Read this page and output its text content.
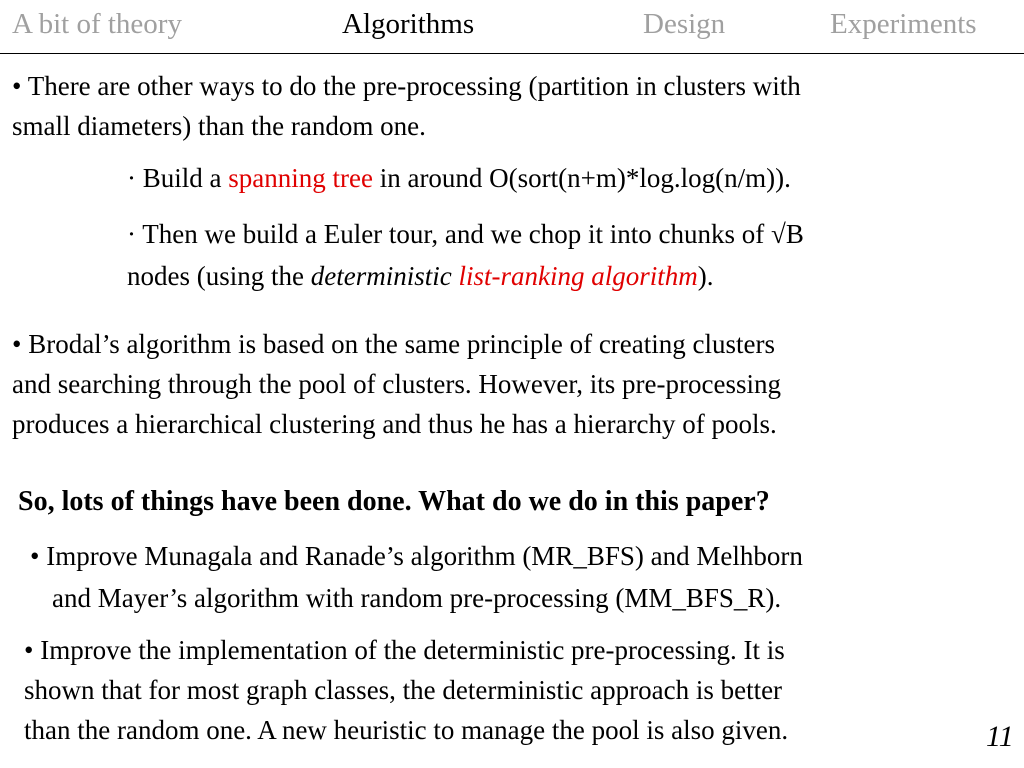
A bit of theory	Algorithms	Design	Experiments
• There are other ways to do the pre-processing (partition in clusters with
small diameters) than the random one.
· Build a spanning tree in around O(sort(n+m)*log.log(n/m)).
· Then we build a Euler tour, and we chop it into chunks of √B
nodes (using the deterministic list-ranking algorithm).
• Brodal’s algorithm is based on the same principle of creating clusters
and searching through the pool of clusters. However, its pre-processing
produces a hierarchical clustering and thus he has a hierarchy of pools.
So, lots of things have been done. What do we do in this paper?
• Improve Munagala and Ranade’s algorithm (MR_BFS) and Melhborn
and Mayer’s algorithm with random pre-processing (MM_BFS_R).
• Improve the implementation of the deterministic pre-processing. It is
shown that for most graph classes, the deterministic approach is better
than the random one. A new heuristic to manage the pool is also given.	11
